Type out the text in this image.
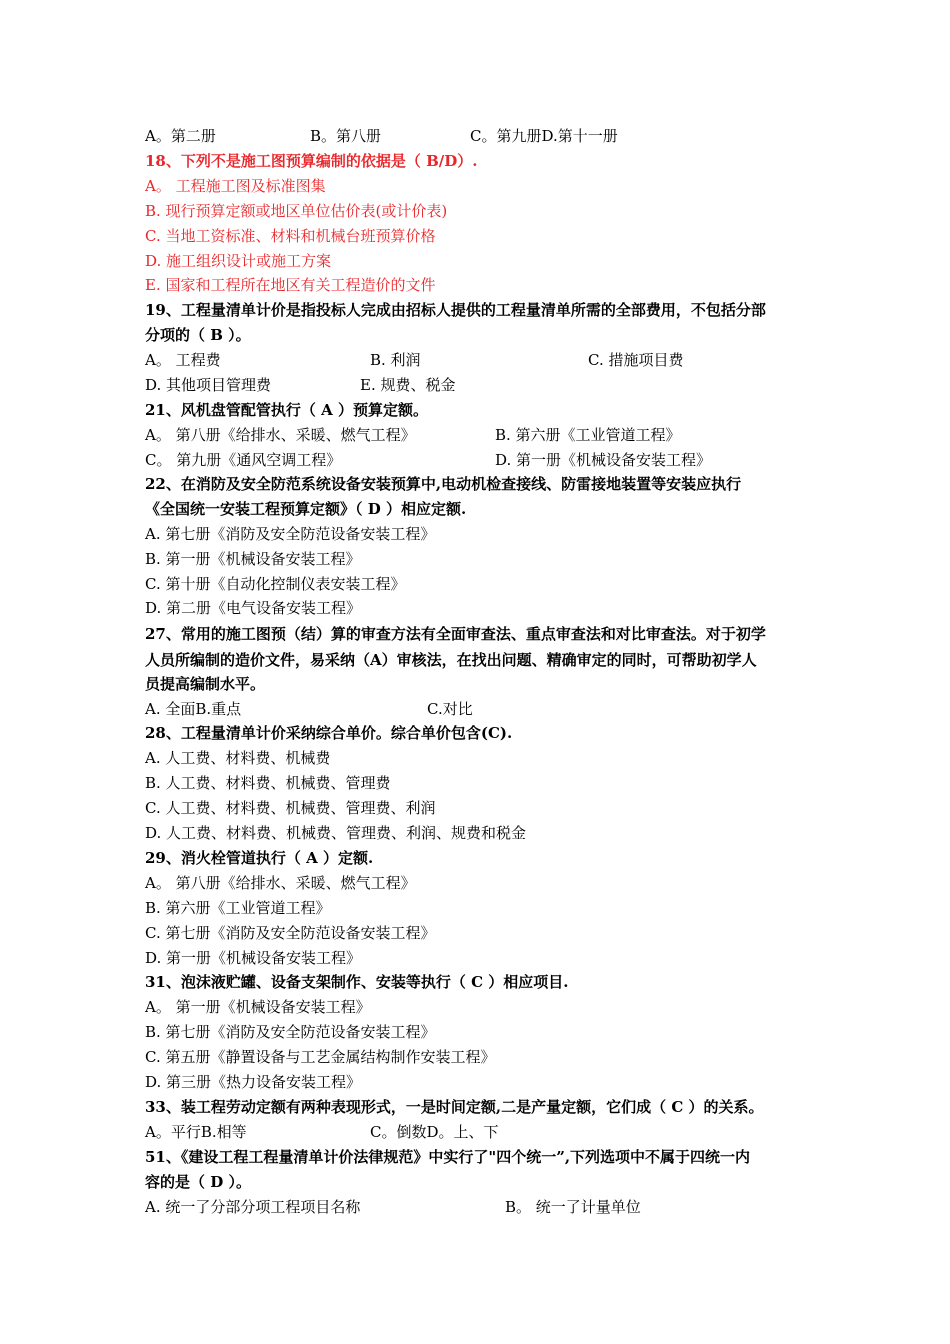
A。第二册	B。第八册	C。第九册D.第十一册
18、下列不是施工图预算编制的依据是（ B/D）.
A。 工程施工图及标准图集
B. 现行预算定额或地区单位估价表(或计价表)
C. 当地工资标准、材料和机械台班预算价格
D. 施工组织设计或施工方案
E. 国家和工程所在地区有关工程造价的文件
19、工程量清单计价是指投标人完成由招标人提供的工程量清单所需的全部费用，不包括分部
分项的（ B ）。
A。 工程费	B. 利润	C. 措施项目费
D. 其他项目管理费	E. 规费、税金
21、风机盘管配管执行（ A ）预算定额。
A。 第八册《给排水、采暖、燃气工程》	B. 第六册《工业管道工程》
C。 第九册《通风空调工程》	D. 第一册《机械设备安装工程》
22、在消防及安全防范系统设备安装预算中,电动机检查接线、防雷接地装置等安装应执行
《全国统一安装工程预算定额》（ D ）相应定额.
A. 第七册《消防及安全防范设备安装工程》
B. 第一册《机械设备安装工程》
C. 第十册《自动化控制仪表安装工程》
D. 第二册《电气设备安装工程》
27、常用的施工图预（结）算的审查方法有全面审查法、重点审查法和对比审查法。对于初学
人员所编制的造价文件，易采纳（A）审核法，在找出问题、精确审定的同时，可帮助初学人
员提高编制水平。
A. 全面B.重点	C.对比
28、工程量清单计价采纳综合单价。综合单价包含(C).
A. 人工费、材料费、机械费
B. 人工费、材料费、机械费、管理费
C. 人工费、材料费、机械费、管理费、利润
D. 人工费、材料费、机械费、管理费、利润、规费和税金
29、消火栓管道执行（ A ）定额.
A。 第八册《给排水、采暖、燃气工程》
B. 第六册《工业管道工程》
C. 第七册《消防及安全防范设备安装工程》
D. 第一册《机械设备安装工程》
31、泡沫液贮罐、设备支架制作、安装等执行（ C ）相应项目.
A。 第一册《机械设备安装工程》
B. 第七册《消防及安全防范设备安装工程》
C. 第五册《静置设备与工艺金属结构制作安装工程》
D. 第三册《热力设备安装工程》
33、装工程劳动定额有两种表现形式，一是时间定额,二是产量定额，它们成（ C ）的关系。
A。平行B.相等	C。倒数D。上、下
51、《建设工程工程量清单计价法律规范》中实行了"四个统一”,下列选项中不属于四统一内
容的是（ D ）。
A. 统一了分部分项工程项目名称	B。 统一了计量单位
